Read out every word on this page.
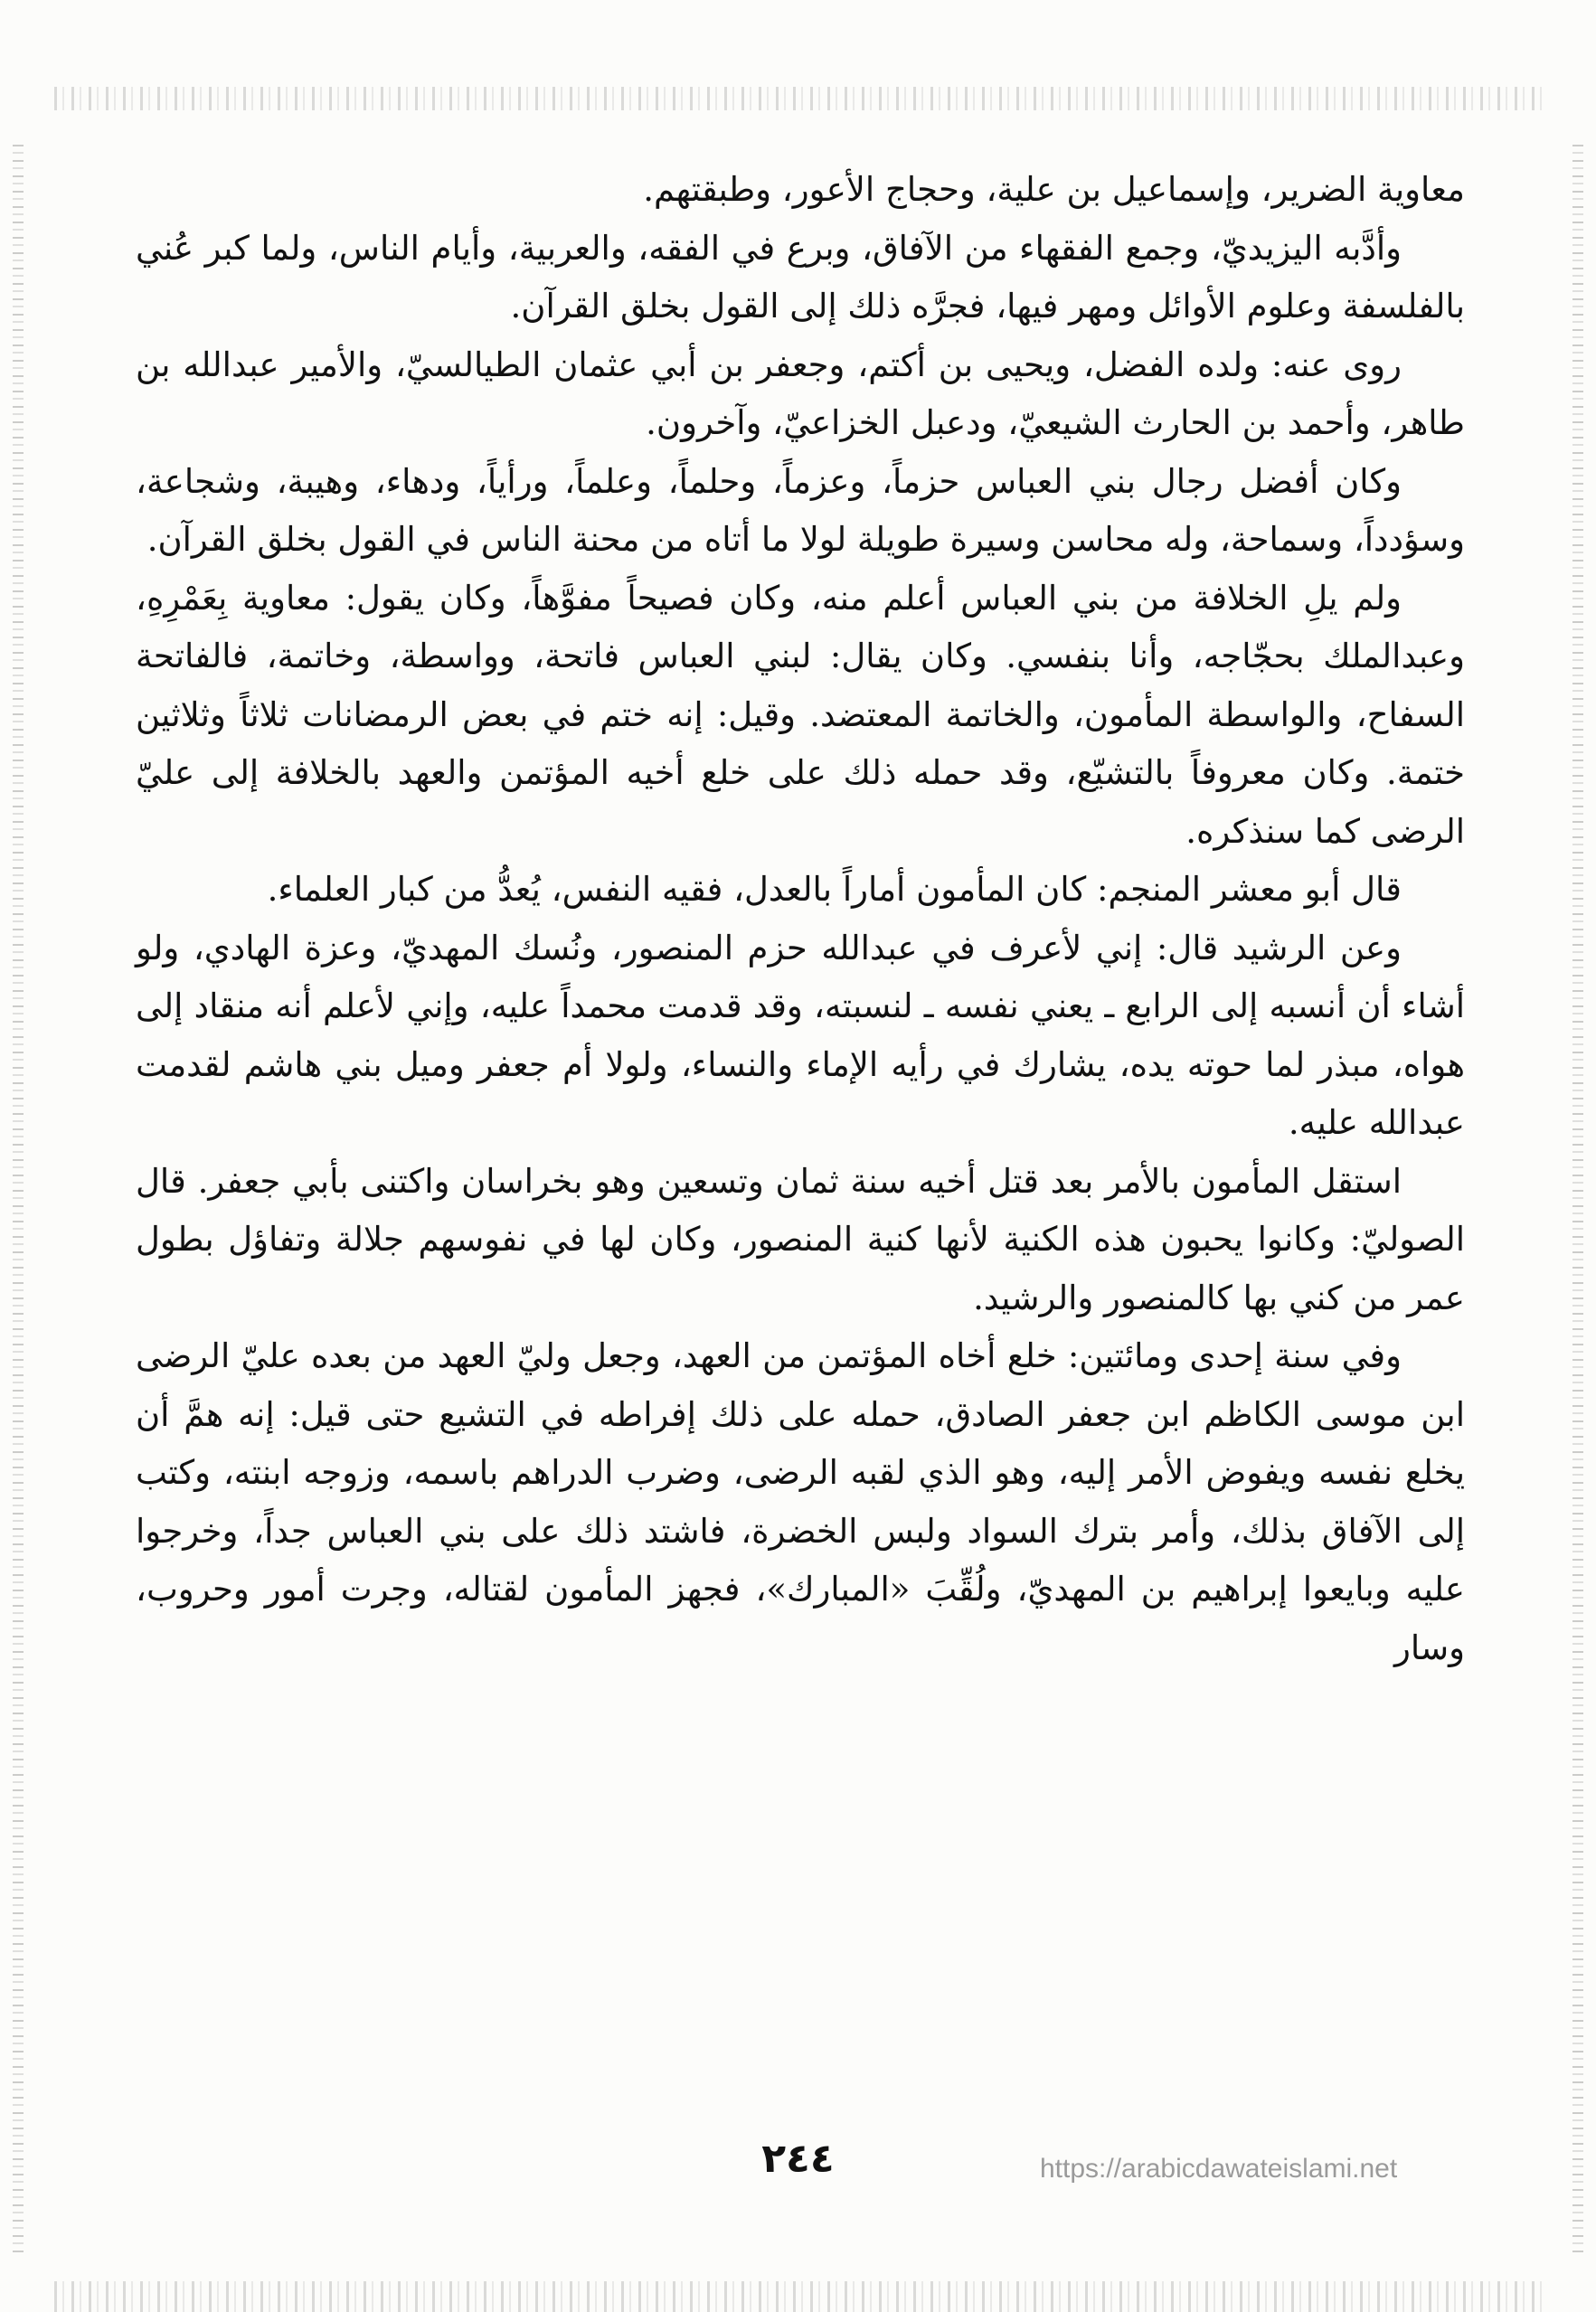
معاوية الضرير، وإسماعيل بن علية، وحجاج الأعور، وطبقتهم.

وأدَّبه اليزيديّ، وجمع الفقهاء من الآفاق، وبرع في الفقه، والعربية، وأيام الناس، ولما كبر عُني بالفلسفة وعلوم الأوائل ومهر فيها، فجرَّه ذلك إلى القول بخلق القرآن.

روى عنه: ولده الفضل، ويحيى بن أكتم، وجعفر بن أبي عثمان الطيالسيّ، والأمير عبدالله بن طاهر، وأحمد بن الحارث الشيعيّ، ودعبل الخزاعيّ، وآخرون.

وكان أفضل رجال بني العباس حزماً، وعزماً، وحلماً، وعلماً، ورأياً، ودهاء، وهيبة، وشجاعة، وسؤدداً، وسماحة، وله محاسن وسيرة طويلة لولا ما أتاه من محنة الناس في القول بخلق القرآن.

ولم يلِ الخلافة من بني العباس أعلم منه، وكان فصيحاً مفوَّهاً، وكان يقول: معاوية بِعَمْرِهِ، وعبدالملك بحجّاجه، وأنا بنفسي. وكان يقال: لبني العباس فاتحة، وواسطة، وخاتمة، فالفاتحة السفاح، والواسطة المأمون، والخاتمة المعتضد. وقيل: إنه ختم في بعض الرمضانات ثلاثاً وثلاثين ختمة. وكان معروفاً بالتشيّع، وقد حمله ذلك على خلع أخيه المؤتمن والعهد بالخلافة إلى عليّ الرضى كما سنذكره.

قال أبو معشر المنجم: كان المأمون أماراً بالعدل، فقيه النفس، يُعدُّ من كبار العلماء.

وعن الرشيد قال: إني لأعرف في عبدالله حزم المنصور، ونُسك المهديّ، وعزة الهادي، ولو أشاء أن أنسبه إلى الرابع ـ يعني نفسه ـ لنسبته، وقد قدمت محمداً عليه، وإني لأعلم أنه منقاد إلى هواه، مبذر لما حوته يده، يشارك في رأيه الإماء والنساء، ولولا أم جعفر وميل بني هاشم لقدمت عبدالله عليه.

استقل المأمون بالأمر بعد قتل أخيه سنة ثمان وتسعين وهو بخراسان واكتنى بأبي جعفر. قال الصوليّ: وكانوا يحبون هذه الكنية لأنها كنية المنصور، وكان لها في نفوسهم جلالة وتفاؤل بطول عمر من كني بها كالمنصور والرشيد.

وفي سنة إحدى ومائتين: خلع أخاه المؤتمن من العهد، وجعل وليّ العهد من بعده عليّ الرضى ابن موسى الكاظم ابن جعفر الصادق، حمله على ذلك إفراطه في التشيع حتى قيل: إنه همَّ أن يخلع نفسه ويفوض الأمر إليه، وهو الذي لقبه الرضى، وضرب الدراهم باسمه، وزوجه ابنته، وكتب إلى الآفاق بذلك، وأمر بترك السواد ولبس الخضرة، فاشتد ذلك على بني العباس جداً، وخرجوا عليه وبايعوا إبراهيم بن المهديّ، ولُقِّبَ «المبارك»، فجهز المأمون لقتاله، وجرت أمور وحروب، وسار

٢٤٤	https://arabicdawateislami.net
